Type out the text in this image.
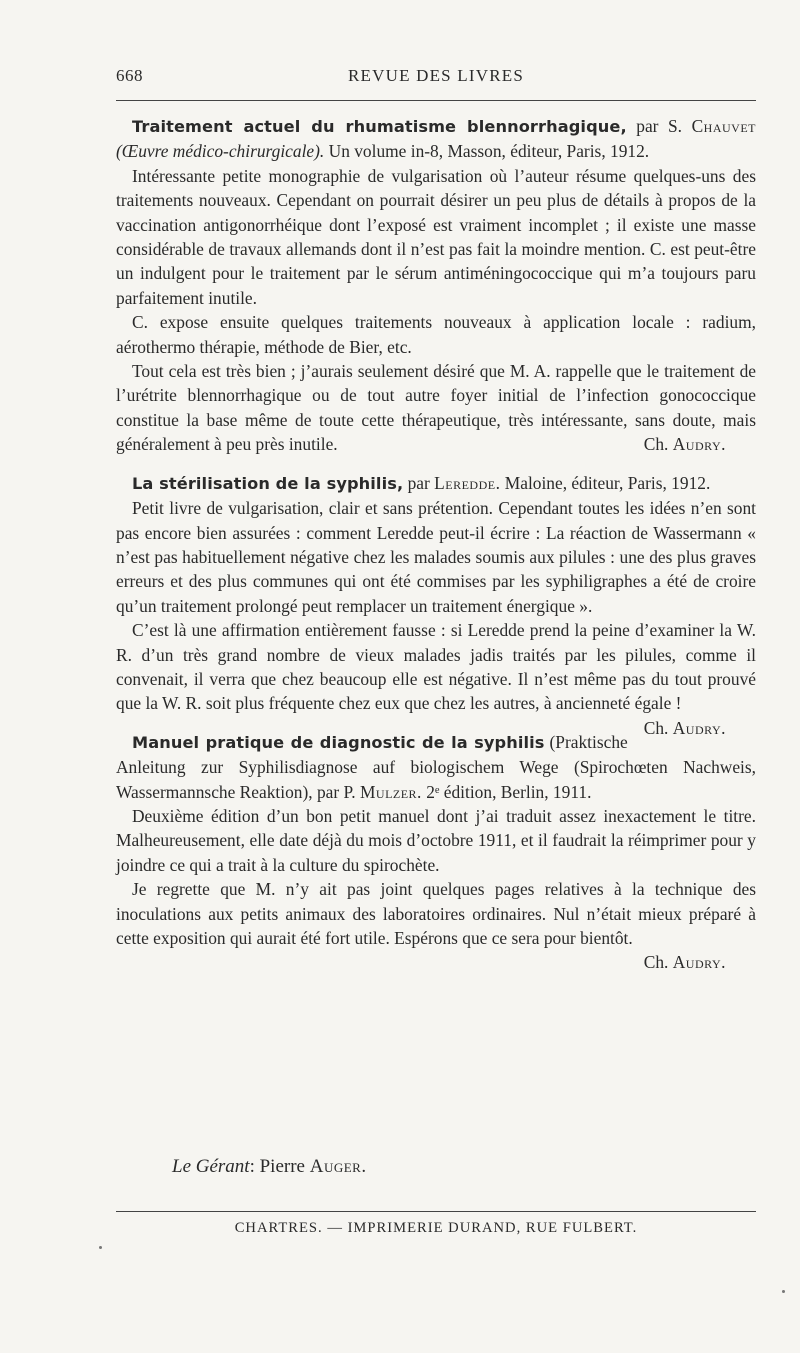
668	REVUE DES LIVRES

Traitement actuel du rhumatisme blennorrhagique, par S. Chauvet (Œuvre médico-chirurgicale). Un volume in-8, Masson, éditeur, Paris, 1912.

Intéressante petite monographie de vulgarisation où l’auteur résume quelques-uns des traitements nouveaux. Cependant on pourrait désirer un peu plus de détails à propos de la vaccination antigonorrhéique dont l’exposé est vraiment incomplet ; il existe une masse considérable de travaux allemands dont il n’est pas fait la moindre mention. C. est peut-être un indulgent pour le traitement par le sérum antiméningococcique qui m’a toujours paru parfaitement inutile.

C. expose ensuite quelques traitements nouveaux à application locale : radium, aérothermo thérapie, méthode de Bier, etc.

Tout cela est très bien ; j’aurais seulement désiré que M. A. rappelle que le traitement de l’urétrite blennorrhagique ou de tout autre foyer initial de l’infection gonococcique constitue la base même de toute cette thérapeutique, très intéressante, sans doute, mais généralement à peu près inutile.	Ch. Audry.

La stérilisation de la syphilis, par Leredde. Maloine, éditeur, Paris, 1912.

Petit livre de vulgarisation, clair et sans prétention. Cependant toutes les idées n’en sont pas encore bien assurées : comment Leredde peut-il écrire : La réaction de Wassermann « n’est pas habituellement négative chez les malades soumis aux pilules : une des plus graves erreurs et des plus communes qui ont été commises par les syphiligraphes a été de croire qu’un traitement prolongé peut remplacer un traitement énergique ».

C’est là une affirmation entièrement fausse : si Leredde prend la peine d’examiner la W. R. d’un très grand nombre de vieux malades jadis traités par les pilules, comme il convenait, il verra que chez beaucoup elle est négative. Il n’est même pas du tout prouvé que la W. R. soit plus fréquente chez eux que chez les autres, à ancienneté égale !
Ch. Audry.

Manuel pratique de diagnostic de la syphilis (Praktische Anleitung zur Syphilisdiagnose auf biologischem Wege (Spirochœten Nachweis, Wassermannsche Reaktion), par P. Mulzer. 2ᵉ édition, Berlin, 1911.

Deuxième édition d’un bon petit manuel dont j’ai traduit assez inexactement le titre. Malheureusement, elle date déjà du mois d’octobre 1911, et il faudrait la réimprimer pour y joindre ce qui a trait à la culture du spirochète.

Je regrette que M. n’y ait pas joint quelques pages relatives à la technique des inoculations aux petits animaux des laboratoires ordinaires. Nul n’était mieux préparé à cette exposition qui aurait été fort utile. Espérons que ce sera pour bientôt.
Ch. Audry.

Le Gérant: Pierre Auger.
CHARTRES. — IMPRIMERIE DURAND, RUE FULBERT.
